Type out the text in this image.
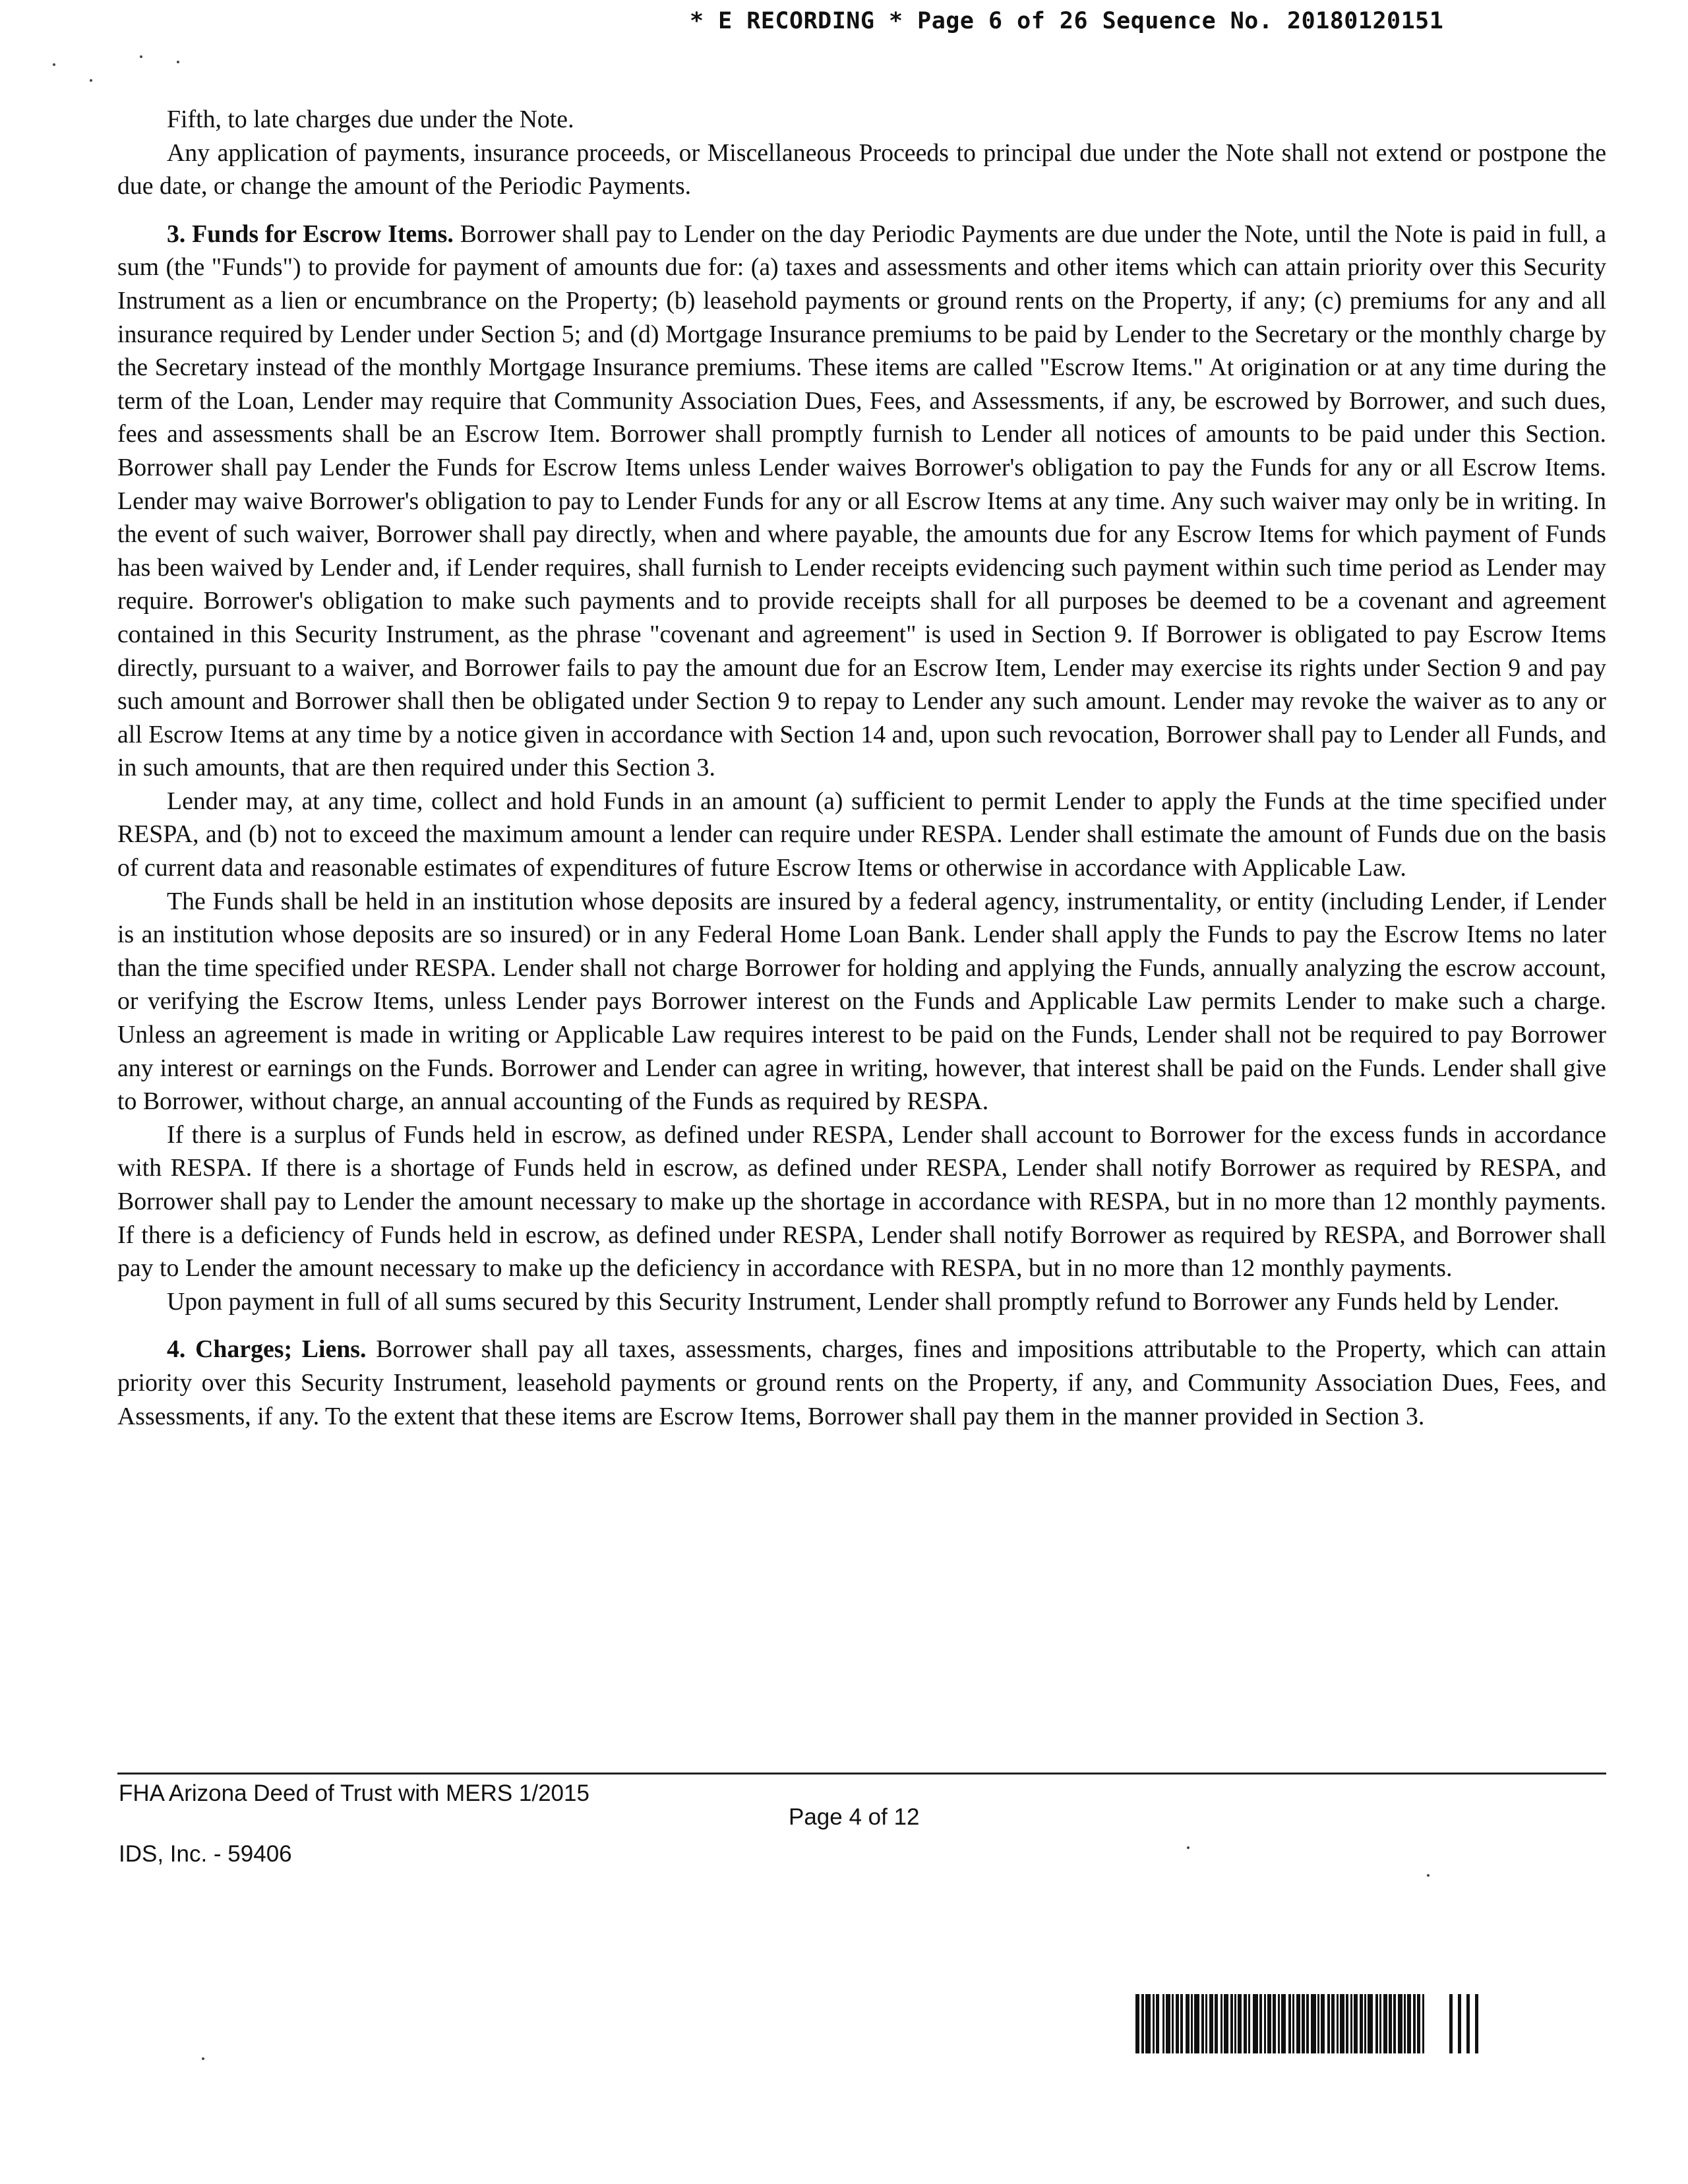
* E RECORDING * Page 6 of 26 Sequence No. 20180120151

Fifth, to late charges due under the Note.

Any application of payments, insurance proceeds, or Miscellaneous Proceeds to principal due under the Note shall not extend or postpone the due date, or change the amount of the Periodic Payments.

3. Funds for Escrow Items. Borrower shall pay to Lender on the day Periodic Payments are due under the Note, until the Note is paid in full, a sum (the "Funds") to provide for payment of amounts due for: (a) taxes and assessments and other items which can attain priority over this Security Instrument as a lien or encumbrance on the Property; (b) leasehold payments or ground rents on the Property, if any; (c) premiums for any and all insurance required by Lender under Section 5; and (d) Mortgage Insurance premiums to be paid by Lender to the Secretary or the monthly charge by the Secretary instead of the monthly Mortgage Insurance premiums. These items are called "Escrow Items." At origination or at any time during the term of the Loan, Lender may require that Community Association Dues, Fees, and Assessments, if any, be escrowed by Borrower, and such dues, fees and assessments shall be an Escrow Item. Borrower shall promptly furnish to Lender all notices of amounts to be paid under this Section. Borrower shall pay Lender the Funds for Escrow Items unless Lender waives Borrower's obligation to pay the Funds for any or all Escrow Items. Lender may waive Borrower's obligation to pay to Lender Funds for any or all Escrow Items at any time. Any such waiver may only be in writing. In the event of such waiver, Borrower shall pay directly, when and where payable, the amounts due for any Escrow Items for which payment of Funds has been waived by Lender and, if Lender requires, shall furnish to Lender receipts evidencing such payment within such time period as Lender may require. Borrower's obligation to make such payments and to provide receipts shall for all purposes be deemed to be a covenant and agreement contained in this Security Instrument, as the phrase "covenant and agreement" is used in Section 9. If Borrower is obligated to pay Escrow Items directly, pursuant to a waiver, and Borrower fails to pay the amount due for an Escrow Item, Lender may exercise its rights under Section 9 and pay such amount and Borrower shall then be obligated under Section 9 to repay to Lender any such amount. Lender may revoke the waiver as to any or all Escrow Items at any time by a notice given in accordance with Section 14 and, upon such revocation, Borrower shall pay to Lender all Funds, and in such amounts, that are then required under this Section 3.

Lender may, at any time, collect and hold Funds in an amount (a) sufficient to permit Lender to apply the Funds at the time specified under RESPA, and (b) not to exceed the maximum amount a lender can require under RESPA. Lender shall estimate the amount of Funds due on the basis of current data and reasonable estimates of expenditures of future Escrow Items or otherwise in accordance with Applicable Law.

The Funds shall be held in an institution whose deposits are insured by a federal agency, instrumentality, or entity (including Lender, if Lender is an institution whose deposits are so insured) or in any Federal Home Loan Bank. Lender shall apply the Funds to pay the Escrow Items no later than the time specified under RESPA. Lender shall not charge Borrower for holding and applying the Funds, annually analyzing the escrow account, or verifying the Escrow Items, unless Lender pays Borrower interest on the Funds and Applicable Law permits Lender to make such a charge. Unless an agreement is made in writing or Applicable Law requires interest to be paid on the Funds, Lender shall not be required to pay Borrower any interest or earnings on the Funds. Borrower and Lender can agree in writing, however, that interest shall be paid on the Funds. Lender shall give to Borrower, without charge, an annual accounting of the Funds as required by RESPA.

If there is a surplus of Funds held in escrow, as defined under RESPA, Lender shall account to Borrower for the excess funds in accordance with RESPA. If there is a shortage of Funds held in escrow, as defined under RESPA, Lender shall notify Borrower as required by RESPA, and Borrower shall pay to Lender the amount necessary to make up the shortage in accordance with RESPA, but in no more than 12 monthly payments. If there is a deficiency of Funds held in escrow, as defined under RESPA, Lender shall notify Borrower as required by RESPA, and Borrower shall pay to Lender the amount necessary to make up the deficiency in accordance with RESPA, but in no more than 12 monthly payments.

Upon payment in full of all sums secured by this Security Instrument, Lender shall promptly refund to Borrower any Funds held by Lender.

4. Charges; Liens. Borrower shall pay all taxes, assessments, charges, fines and impositions attributable to the Property, which can attain priority over this Security Instrument, leasehold payments or ground rents on the Property, if any, and Community Association Dues, Fees, and Assessments, if any. To the extent that these items are Escrow Items, Borrower shall pay them in the manner provided in Section 3.

FHA Arizona Deed of Trust with MERS 1/2015
Page 4 of 12
IDS, Inc. - 59406
